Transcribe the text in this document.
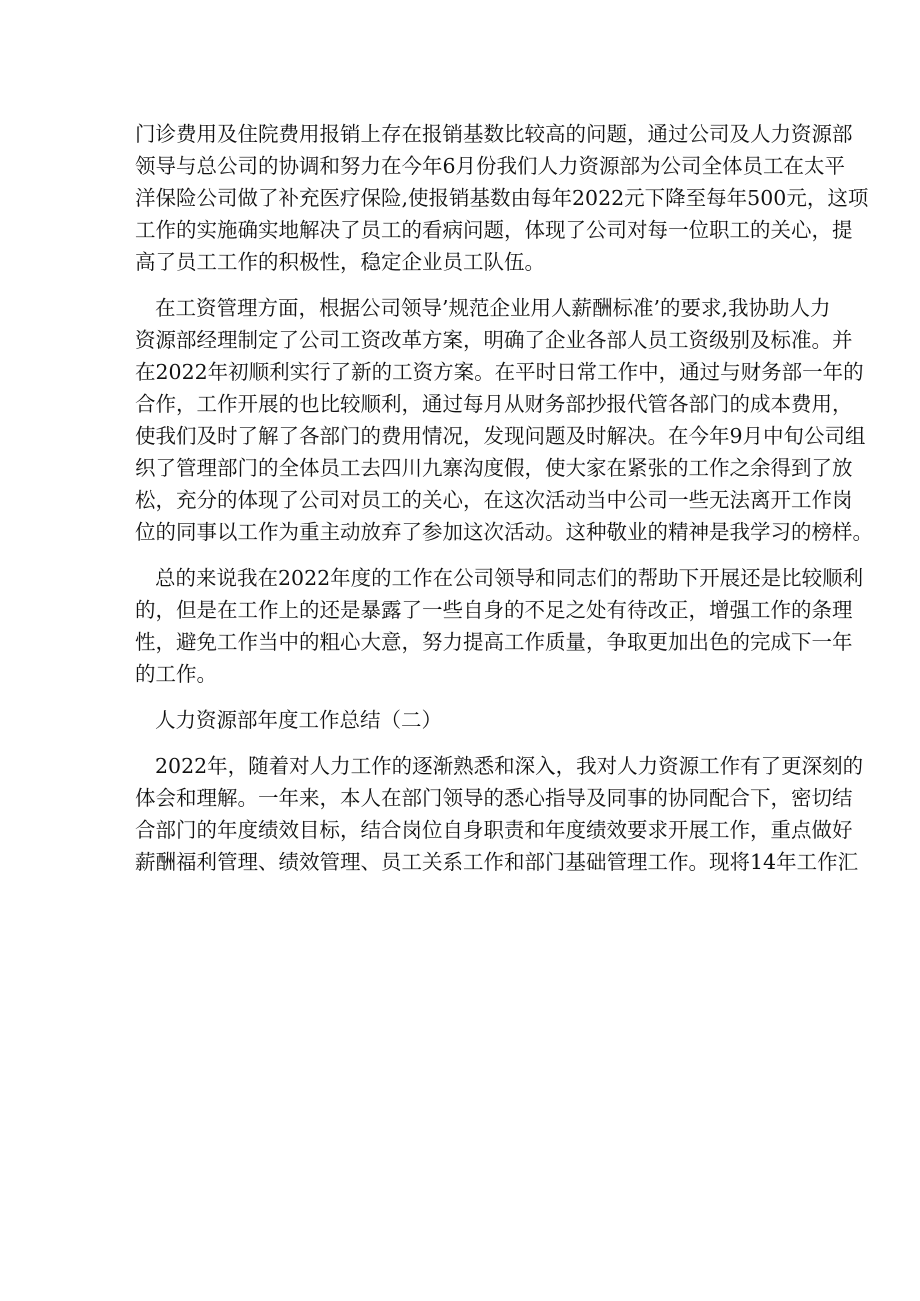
门诊费用及住院费用报销上存在报销基数比较高的问题，通过公司及人力资源部
领导与总公司的协调和努力在今年6月份我们人力资源部为公司全体员工在太平
洋保险公司做了补充医疗保险,使报销基数由每年2022元下降至每年500元，这项
工作的实施确实地解决了员工的看病问题，体现了公司对每一位职工的关心，提
高了员工工作的积极性，稳定企业员工队伍。
在工资管理方面，根据公司领导’规范企业用人薪酬标准’的要求,我协助人力
资源部经理制定了公司工资改革方案，明确了企业各部人员工资级别及标准。并
在2022年初顺利实行了新的工资方案。在平时日常工作中，通过与财务部一年的
合作，工作开展的也比较顺利，通过每月从财务部抄报代管各部门的成本费用，
使我们及时了解了各部门的费用情况，发现问题及时解决。在今年9月中旬公司组
织了管理部门的全体员工去四川九寨沟度假，使大家在紧张的工作之余得到了放
松，充分的体现了公司对员工的关心，在这次活动当中公司一些无法离开工作岗
位的同事以工作为重主动放弃了参加这次活动。这种敬业的精神是我学习的榜样。
总的来说我在2022年度的工作在公司领导和同志们的帮助下开展还是比较顺利
的，但是在工作上的还是暴露了一些自身的不足之处有待改正，增强工作的条理
性，避免工作当中的粗心大意，努力提高工作质量，争取更加出色的完成下一年
的工作。
人力资源部年度工作总结（二）
2022年，随着对人力工作的逐渐熟悉和深入，我对人力资源工作有了更深刻的
体会和理解。一年来，本人在部门领导的悉心指导及同事的协同配合下，密切结
合部门的年度绩效目标，结合岗位自身职责和年度绩效要求开展工作，重点做好
薪酬福利管理、绩效管理、员工关系工作和部门基础管理工作。现将14年工作汇
